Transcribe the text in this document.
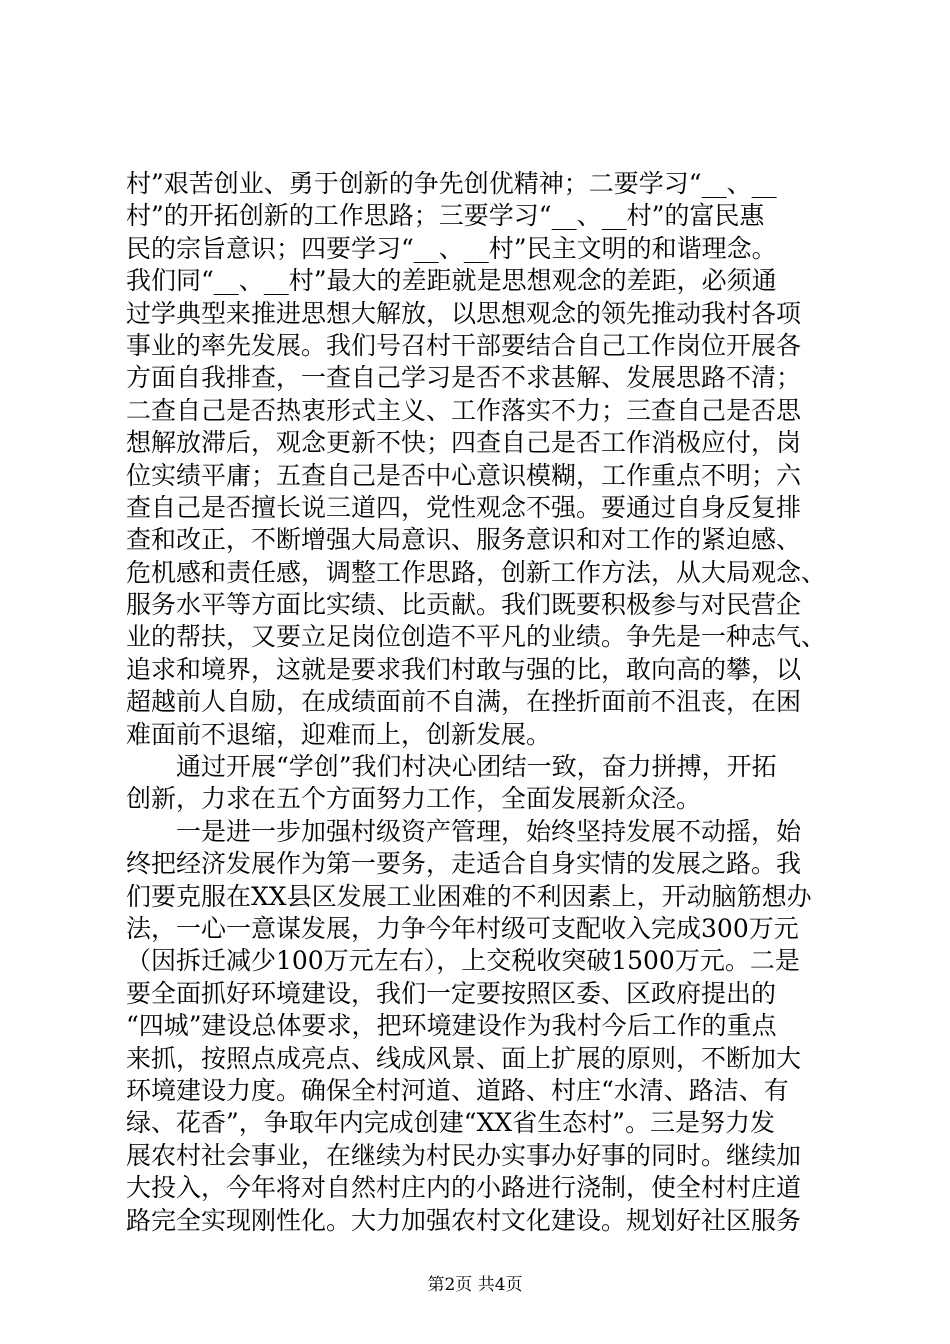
村”艰苦创业、勇于创新的争先创优精神；二要学习“__、__
村”的开拓创新的工作思路；三要学习“__、__村”的富民惠
民的宗旨意识；四要学习“__、__村”民主文明的和谐理念。
我们同“__、__村”最大的差距就是思想观念的差距，必须通
过学典型来推进思想大解放，以思想观念的领先推动我村各项
事业的率先发展。我们号召村干部要结合自己工作岗位开展各
方面自我排查，一查自己学习是否不求甚解、发展思路不清；
二查自己是否热衷形式主义、工作落实不力；三查自己是否思
想解放滞后，观念更新不快；四查自己是否工作消极应付，岗
位实绩平庸；五查自己是否中心意识模糊，工作重点不明；六
查自己是否擅长说三道四，党性观念不强。要通过自身反复排
查和改正，不断增强大局意识、服务意识和对工作的紧迫感、
危机感和责任感，调整工作思路，创新工作方法，从大局观念、
服务水平等方面比实绩、比贡献。我们既要积极参与对民营企
业的帮扶，又要立足岗位创造不平凡的业绩。争先是一种志气、
追求和境界，这就是要求我们村敢与强的比，敢向高的攀，以
超越前人自励，在成绩面前不自满，在挫折面前不沮丧，在困
难面前不退缩，迎难而上，创新发展。
　　通过开展“学创”我们村决心团结一致，奋力拼搏，开拓
创新，力求在五个方面努力工作，全面发展新众泾。
　　一是进一步加强村级资产管理，始终坚持发展不动摇，始
终把经济发展作为第一要务，走适合自身实情的发展之路。我
们要克服在XX县区发展工业困难的不利因素上，开动脑筋想办
法，一心一意谋发展，力争今年村级可支配收入完成300万元
（因拆迁减少100万元左右），上交税收突破1500万元。二是
要全面抓好环境建设，我们一定要按照区委、区政府提出的
“四城”建设总体要求，把环境建设作为我村今后工作的重点
来抓，按照点成亮点、线成风景、面上扩展的原则，不断加大
环境建设力度。确保全村河道、道路、村庄“水清、路洁、有
绿、花香”，争取年内完成创建“XX省生态村”。三是努力发
展农村社会事业，在继续为村民办实事办好事的同时。继续加
大投入，今年将对自然村庄内的小路进行浇制，使全村村庄道
路完全实现刚性化。大力加强农村文化建设。规划好社区服务
第2页 共4页
